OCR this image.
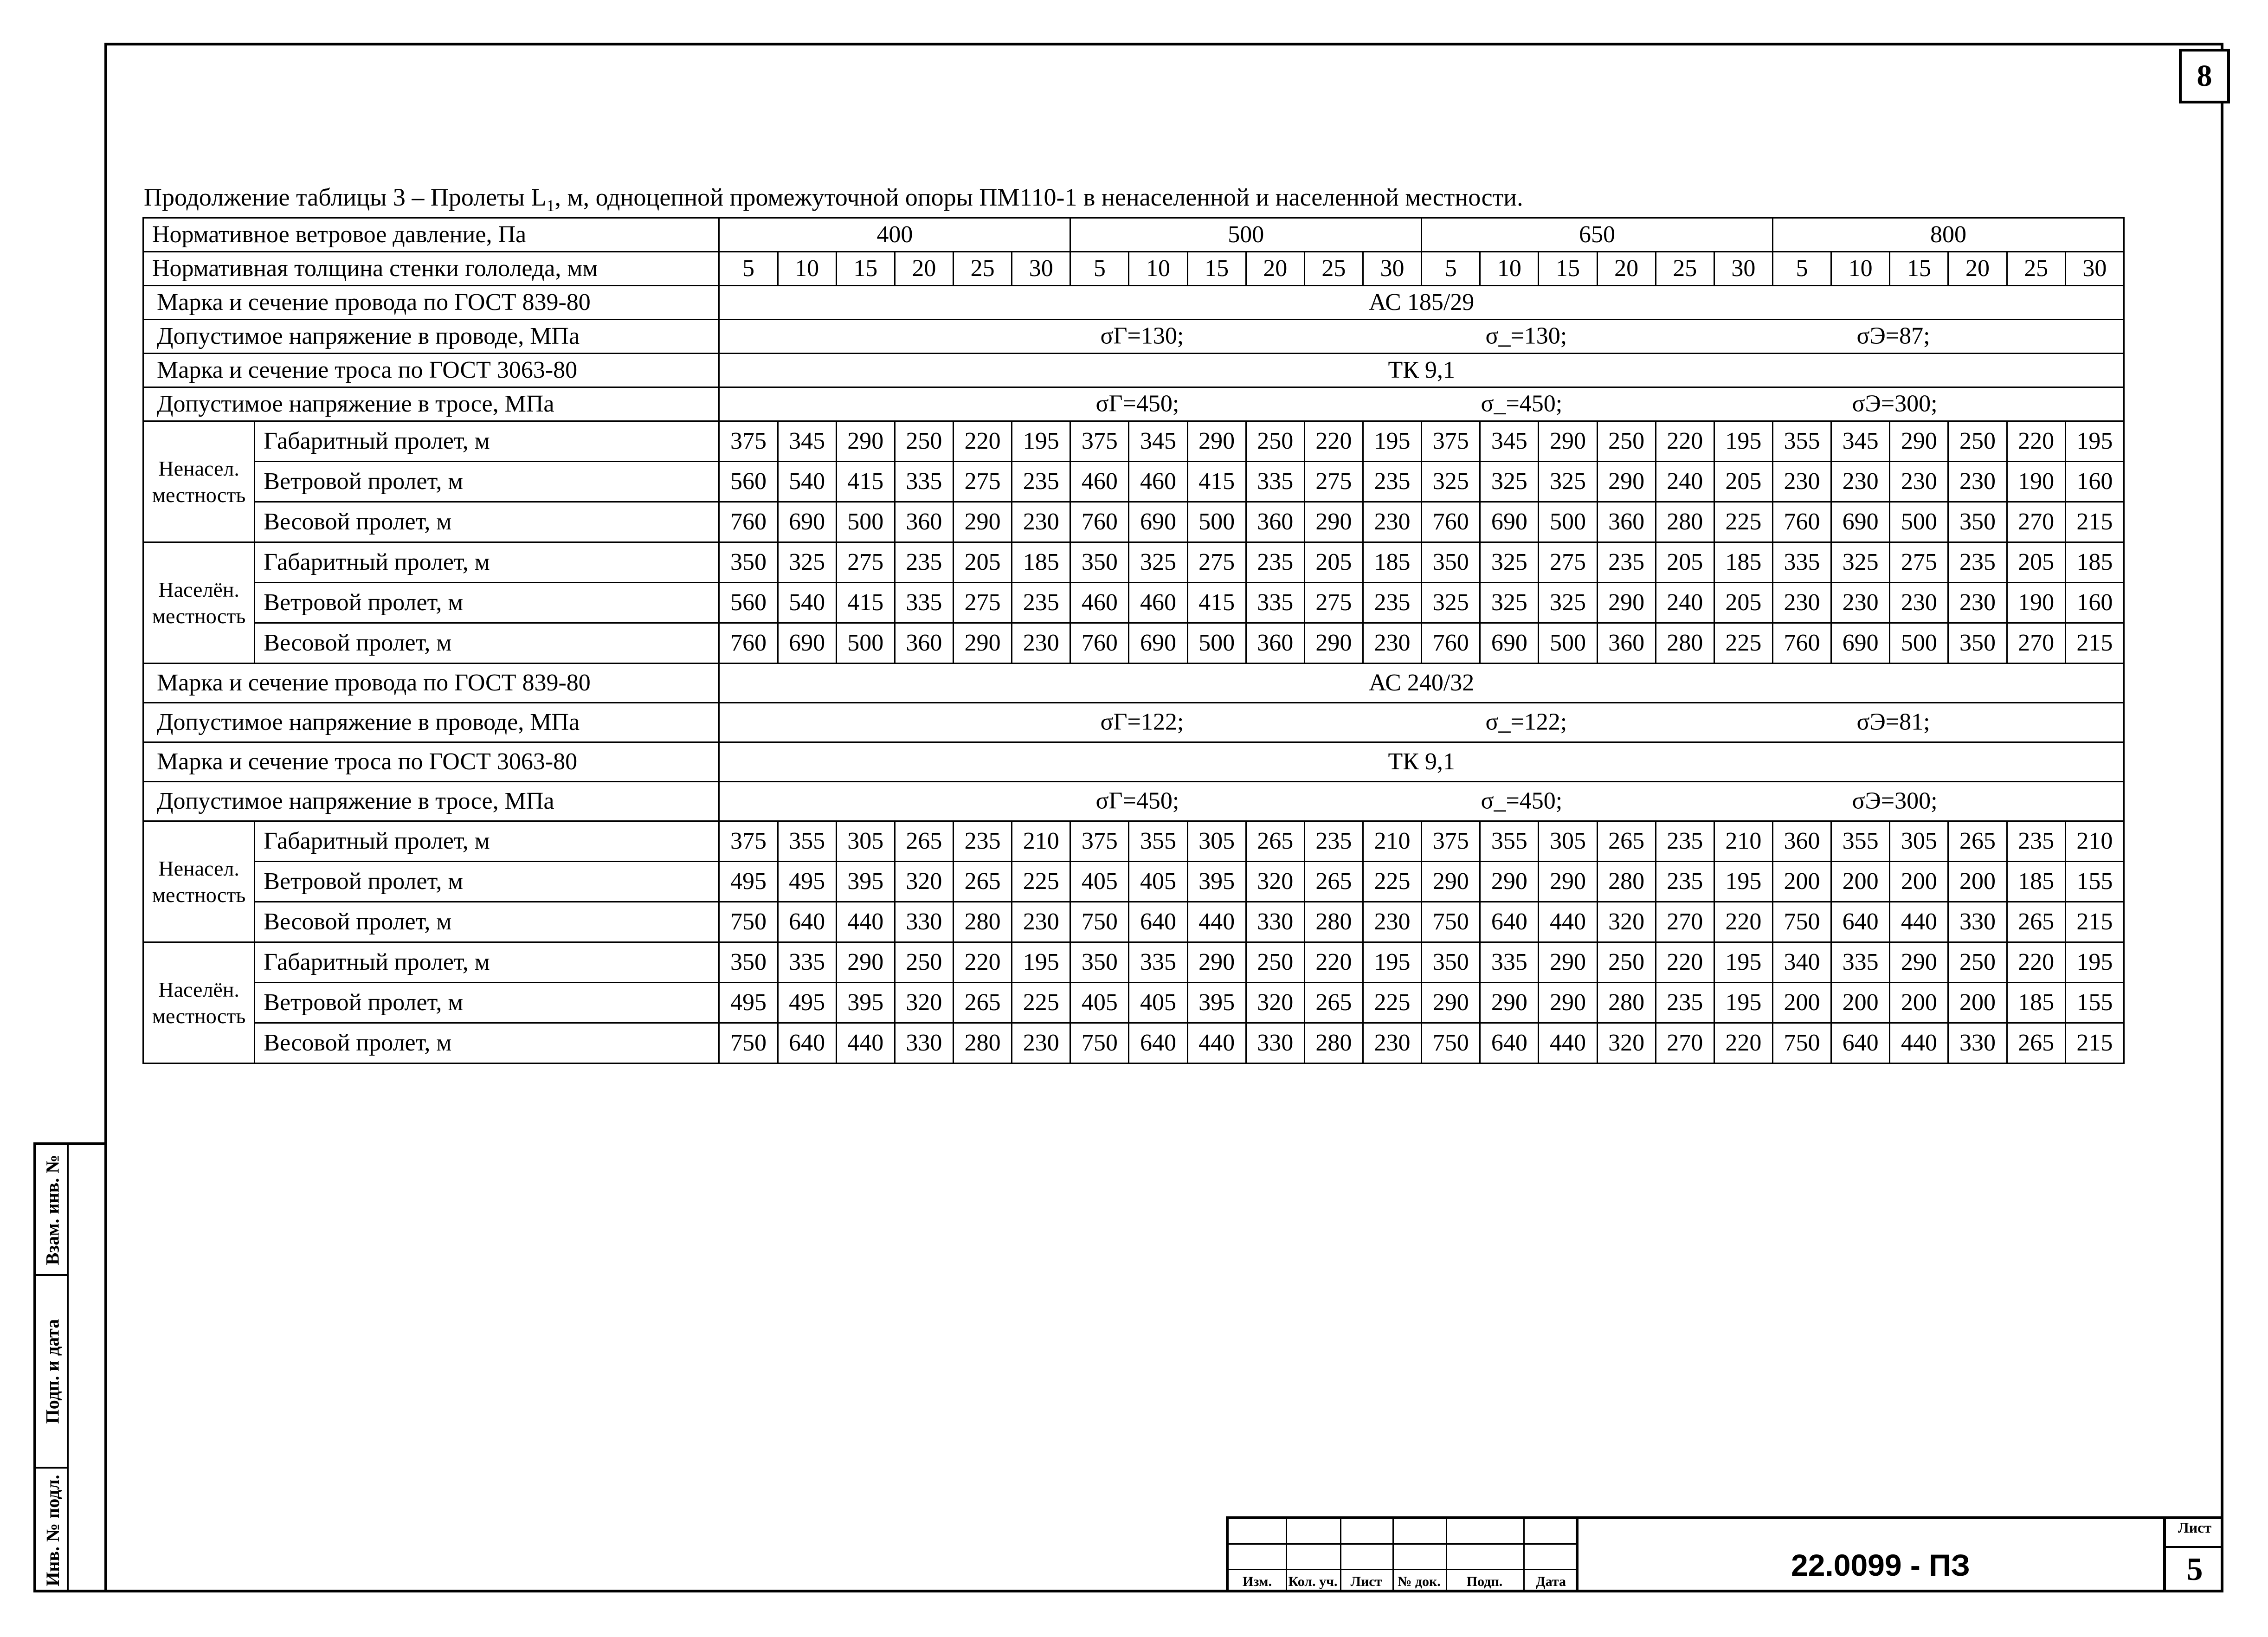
8
Продолжение таблицы 3 – Пролеты $L_1$, м, одноцепной промежуточной опоры ПМ110-1 в ненаселенной и населенной местности.
Нормативное ветровое давление, Па		400						500						650						800					
Нормативная толщина стенки гололеда, мм		5	10	15	20	25	30	5	10	15	20	25	30	5	10	15	20	25	30	5	10	15	20	25	30
Марка и сечение провода по ГОСТ 839-80		АС 185/29																							
Допустимое напряжение в проводе, МПа		σГ=130; σ_=130; σЭ=87;																							

Марка и сечение троса по ГОСТ 3063-80		ТК 9,1																							
Допустимое напряжение в тросе, МПа		σГ=450; σ_=450; σЭ=300;																							

Ненасел. местность	Габаритный пролет, м	375	345	290	250	220	195	375	345	290	250	220	195	375	345	290	250	220	195	355	345	290	250	220	195
	Ветровой пролет, м	560	540	415	335	275	235	460	460	415	335	275	235	325	325	325	290	240	205	230	230	230	230	190	160
	Весовой пролет, м	760	690	500	360	290	230	760	690	500	360	290	230	760	690	500	360	280	225	760	690	500	350	270	215
Населён. местность	Габаритный пролет, м	350	325	275	235	205	185	350	325	275	235	205	185	350	325	275	235	205	185	335	325	275	235	205	185
	Ветровой пролет, м	560	540	415	335	275	235	460	460	415	335	275	235	325	325	325	290	240	205	230	230	230	230	190	160
	Весовой пролет, м	760	690	500	360	290	230	760	690	500	360	290	230	760	690	500	360	280	225	760	690	500	350	270	215
Марка и сечение провода по ГОСТ 839-80		АС 240/32																							
Допустимое напряжение в проводе, МПа		σГ=122; σ_=122; σЭ=81;																							

Марка и сечение троса по ГОСТ 3063-80		ТК 9,1																							
Допустимое напряжение в тросе, МПа		σГ=450; σ_=450; σЭ=300;																							

Ненасел. местность	Габаритный пролет, м	375	355	305	265	235	210	375	355	305	265	235	210	375	355	305	265	235	210	360	355	305	265	235	210
	Ветровой пролет, м	495	495	395	320	265	225	405	405	395	320	265	225	290	290	290	280	235	195	200	200	200	200	185	155
	Весовой пролет, м	750	640	440	330	280	230	750	640	440	330	280	230	750	640	440	320	270	220	750	640	440	330	265	215
Населён. местность	Габаритный пролет, м	350	335	290	250	220	195	350	335	290	250	220	195	350	335	290	250	220	195	340	335	290	250	220	195
	Ветровой пролет, м	495	495	395	320	265	225	405	405	395	320	265	225	290	290	290	280	235	195	200	200	200	200	185	155
	Весовой пролет, м	750	640	440	330	280	230	750	640	440	330	280	230	750	640	440	320	270	220	750	640	440	330	265	215
Взам. инв. №
Подп. и дата
Инв. № подл.	Изм.	Кол. уч. Лист	№ док.	Подп.	Дата	22.0099 - ПЗ
Лист
5
